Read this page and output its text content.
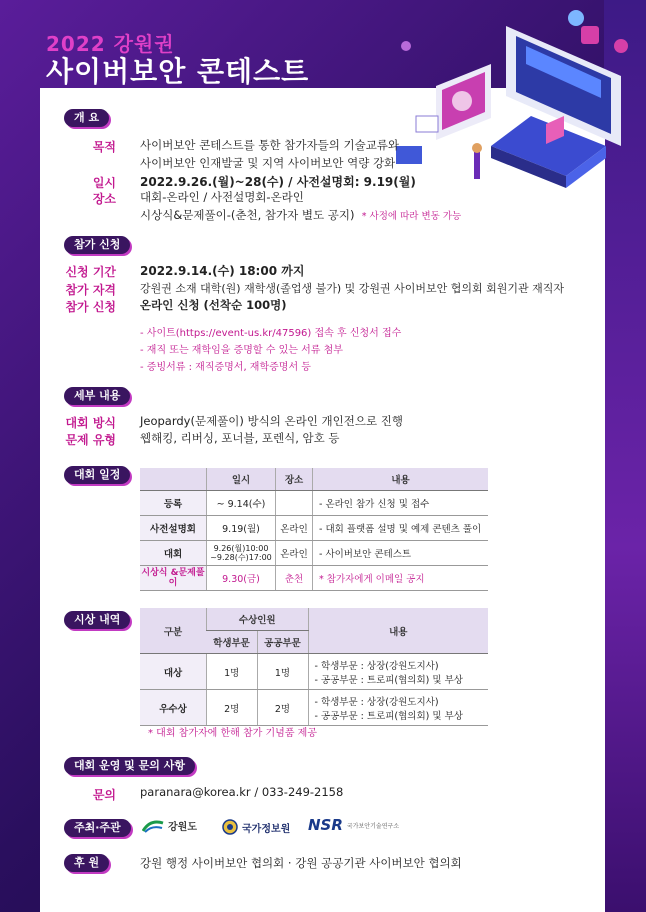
2022 강원권
사이버보안 콘테스트
개 요
목적 사이버보안 콘테스트를 통한 참가자들의 기술교류와
사이버보안 인재발굴 및 지역 사이버보안 역량 강화
일시 2022.9.26.(월)~28(수) / 사전설명회: 9.19(월)
장소 대회-온라인 / 사전설명회-온라인
시상식&문제풀이-(춘천, 참가자 별도 공지) * 사정에 따라 변동 가능
참가 신청
신청 기간 2022.9.14.(수) 18:00 까지
참가 자격 강원권 소재 대학(원) 재학생(졸업생 불가) 및 강원권 사이버보안 협의회 회원기관 재직자
참가 신청 온라인 신청 (선착순 100명)
- 사이트(https://event-us.kr/47596) 접속 후 신청서 접수
- 재직 또는 재학임을 증명할 수 있는 서류 첨부
- 증빙서류 : 재직증명서, 재학증명서 등
세부 내용
대회 방식 Jeopardy(문제풀이) 방식의 온라인 개인전으로 진행
문제 유형 웹해킹, 리버싱, 포너블, 포렌식, 암호 등
대회 일정
		일시	장소	내용
등록	~ 9.14(수)		- 온라인 참가 신청 및 접수
사전설명회	9.19(월)	온라인	- 대회 플랫폼 설명 및 예제 콘텐츠 풀이
대회	9.26(월)10:00 ~9.28(수)17:00	온라인	- 사이버보안 콘테스트
시상식 &문제풀이	9.30(금)	춘천	* 참가자에게 이메일 공지
시상 내역
구분	수상인원		내용
	학생부문	공공부문	
대상	1명	1명	- 학생부문 : 상장(강원도지사)
- 공공부문 : 트로피(협의회) 및 부상

우수상	2명	2명	- 학생부문 : 상장(강원도지사)
- 공공부문 : 트로피(협의회) 및 부상
* 대회 참가자에 한해 참가 기념품 제공
대회 운영 및 문의 사항
문의 paranara@korea.kr / 033-249-2158
주최·주관	강원도	국가정보원 NSR 국가보안기술연구소
후 원	강원 행정 사이버보안 협의회 · 강원 공공기관 사이버보안 협의회
